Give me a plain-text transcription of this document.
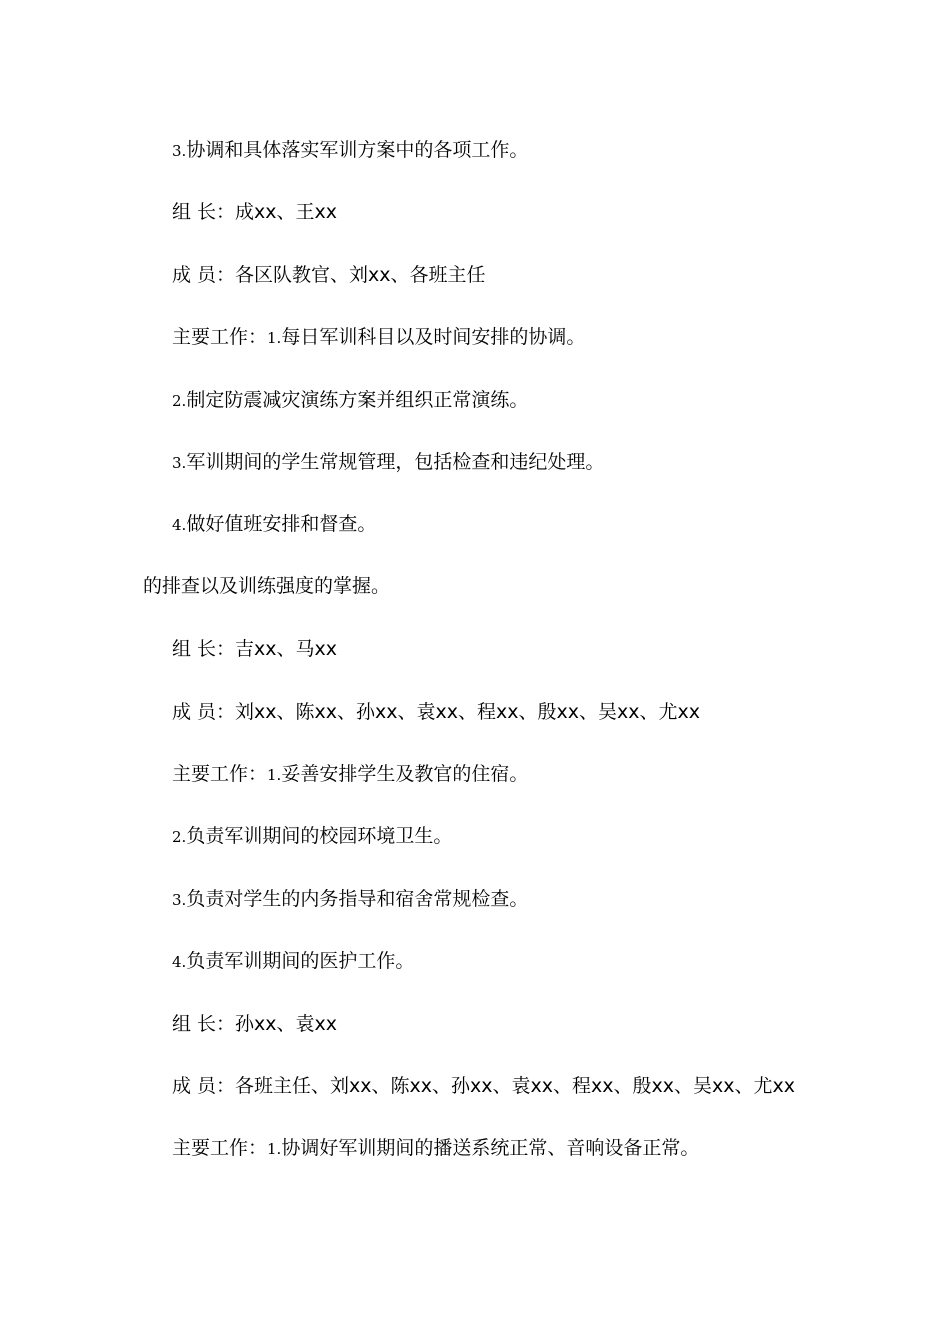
3.协调和具体落实军训方案中的各项工作。
组 长：成xx、王xx
成 员：各区队教官、刘xx、各班主任
主要工作：1.每日军训科目以及时间安排的协调。
2.制定防震减灾演练方案并组织正常演练。
3.军训期间的学生常规管理，包括检查和违纪处理。
4.做好值班安排和督查。
的排查以及训练强度的掌握。
组 长：吉xx、马xx
成 员：刘xx、陈xx、孙xx、袁xx、程xx、殷xx、吴xx、尤xx
主要工作：1.妥善安排学生及教官的住宿。
2.负责军训期间的校园环境卫生。
3.负责对学生的内务指导和宿舍常规检查。
4.负责军训期间的医护工作。
组 长：孙xx、袁xx
成 员：各班主任、刘xx、陈xx、孙xx、袁xx、程xx、殷xx、吴xx、尤xx
主要工作：1.协调好军训期间的播送系统正常、音响设备正常。
